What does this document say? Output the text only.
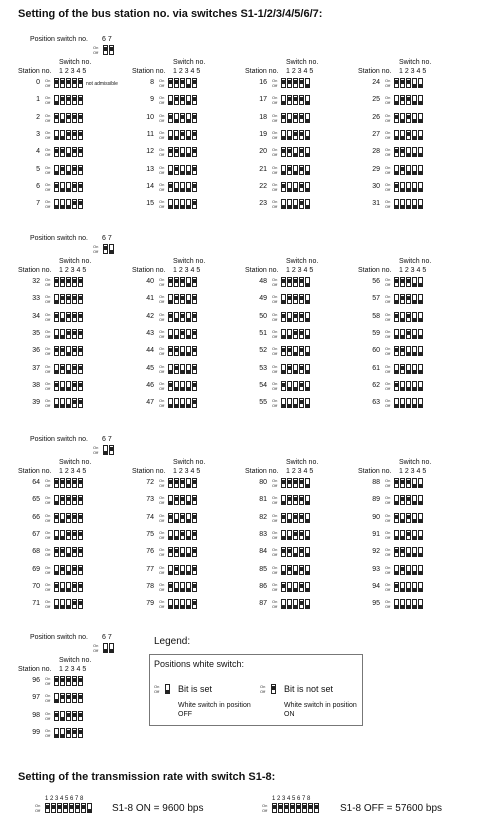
Setting of the bus station no. via switches S1-1/2/3/4/5/6/7:
Position switch no. 6 7
On
Off
Switch no.
Station no. 1 2 3 4 5
0 On
Off	not admissible
1 On
Off
2 On
Off
3 On
Off
4 On
Off
5 On
Off
6 On
Off
7 On
Off
Switch no.
Station no. 1 2 3 4 5
8 On
Off
9 On
Off
10 On
Off
11 On
Off
12 On
Off
13 On
Off
14 On
Off
15 On
Off
Switch no.
Station no. 1 2 3 4 5
16 On
Off
17 On
Off
18 On
Off
19 On
Off
20 On
Off
21 On
Off
22 On
Off
23 On
Off
Switch no.
Station no. 1 2 3 4 5
24 On
Off
25 On
Off
26 On
Off
27 On
Off
28 On
Off
29 On
Off
30 On
Off
31 On
Off
Position switch no. 6 7
On
Off
Switch no.
Station no. 1 2 3 4 5
32 On
Off
33 On
Off
34 On
Off
35 On
Off
36 On
Off
37 On
Off
38 On
Off
39 On
Off
Switch no.
Station no. 1 2 3 4 5
40 On
Off
41 On
Off
42 On
Off
43 On
Off
44 On
Off
45 On
Off
46 On
Off
47 On
Off
Switch no.
Station no. 1 2 3 4 5
48 On
Off
49 On
Off
50 On
Off
51 On
Off
52 On
Off
53 On
Off
54 On
Off
55 On
Off
Switch no.
Station no. 1 2 3 4 5
56 On
Off
57 On
Off
58 On
Off
59 On
Off
60 On
Off
61 On
Off
62 On
Off
63 On
Off
Position switch no. 6 7
On
Off
Switch no.
Station no. 1 2 3 4 5
64 On
Off
65 On
Off
66 On
Off
67 On
Off
68 On
Off
69 On
Off
70 On
Off
71 On
Off
Switch no.
Station no. 1 2 3 4 5
72 On
Off
73 On
Off
74 On
Off
75 On
Off
76 On
Off
77 On
Off
78 On
Off
79 On
Off
Switch no.
Station no. 1 2 3 4 5
80 On
Off
81 On
Off
82 On
Off
83 On
Off
84 On
Off
85 On
Off
86 On
Off
87 On
Off
Switch no.
Station no. 1 2 3 4 5
88 On
Off
89 On
Off
90 On
Off
91 On
Off
92 On
Off
93 On
Off
94 On
Off
95 On
Off
Position switch no. 6 7
On
Off
Switch no.
Station no. 1 2 3 4 5
96 On
Off
97 On
Off
98 On
Off
99 On
Off
Legend:
Positions white switch:
On
Off Bit is set
White switch in position OFF
On
Off Bit is not set
White switch in position ON
Setting of the transmission rate with switch S1-8:
1 2 3 4 5 6 7 8
On
Off	S1-8 ON = 9600 bps
1 2 3 4 5 6 7 8
On
Off	S1-8 OFF = 57600 bps
